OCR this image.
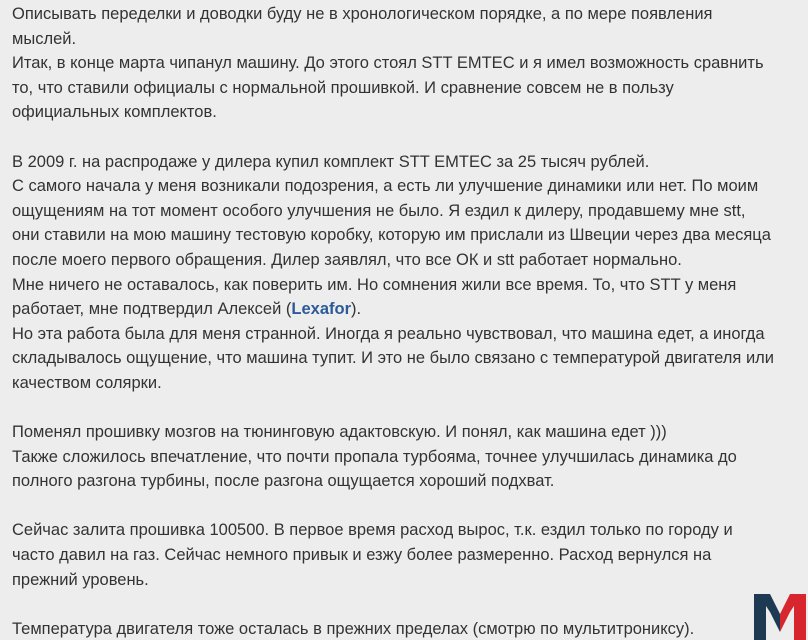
Описывать переделки и доводки буду не в хронологическом порядке, а по мере появления
мыслей.
Итак, в конце марта чипанул машину. До этого стоял STT EMTEC и я имел возможность сравнить
то, что ставили официалы с нормальной прошивкой. И сравнение совсем не в пользу
официальных комплектов.
В 2009 г. на распродаже у дилера купил комплект STT EMTEC за 25 тысяч рублей.
С самого начала у меня возникали подозрения, а есть ли улучшение динамики или нет. По моим
ощущениям на тот момент особого улучшения не было. Я ездил к дилеру, продавшему мне stt,
они ставили на мою машину тестовую коробку, которую им прислали из Швеции через два месяца
после моего первого обращения. Дилер заявлял, что все ОК и stt работает нормально.
Мне ничего не оставалось, как поверить им. Но сомнения жили все время. То, что STT у меня
работает, мне подтвердил Алексей (Lexafor).
Но эта работа была для меня странной. Иногда я реально чувствовал, что машина едет, а иногда
складывалось ощущение, что машина тупит. И это не было связано с температурой двигателя или
качеством солярки.
Поменял прошивку мозгов на тюнинговую адактовскую. И понял, как машина едет )))
Также сложилось впечатление, что почти пропала турбояма, точнее улучшилась динамика до
полного разгона турбины, после разгона ощущается хороший подхват.
Сейчас залита прошивка 100500. В первое время расход вырос, т.к. ездил только по городу и
часто давил на газ. Сейчас немного привык и езжу более размеренно. Расход вернулся на
прежний уровень.
Температура двигателя тоже осталась в прежних пределах (смотрю по мультитрониксу).
